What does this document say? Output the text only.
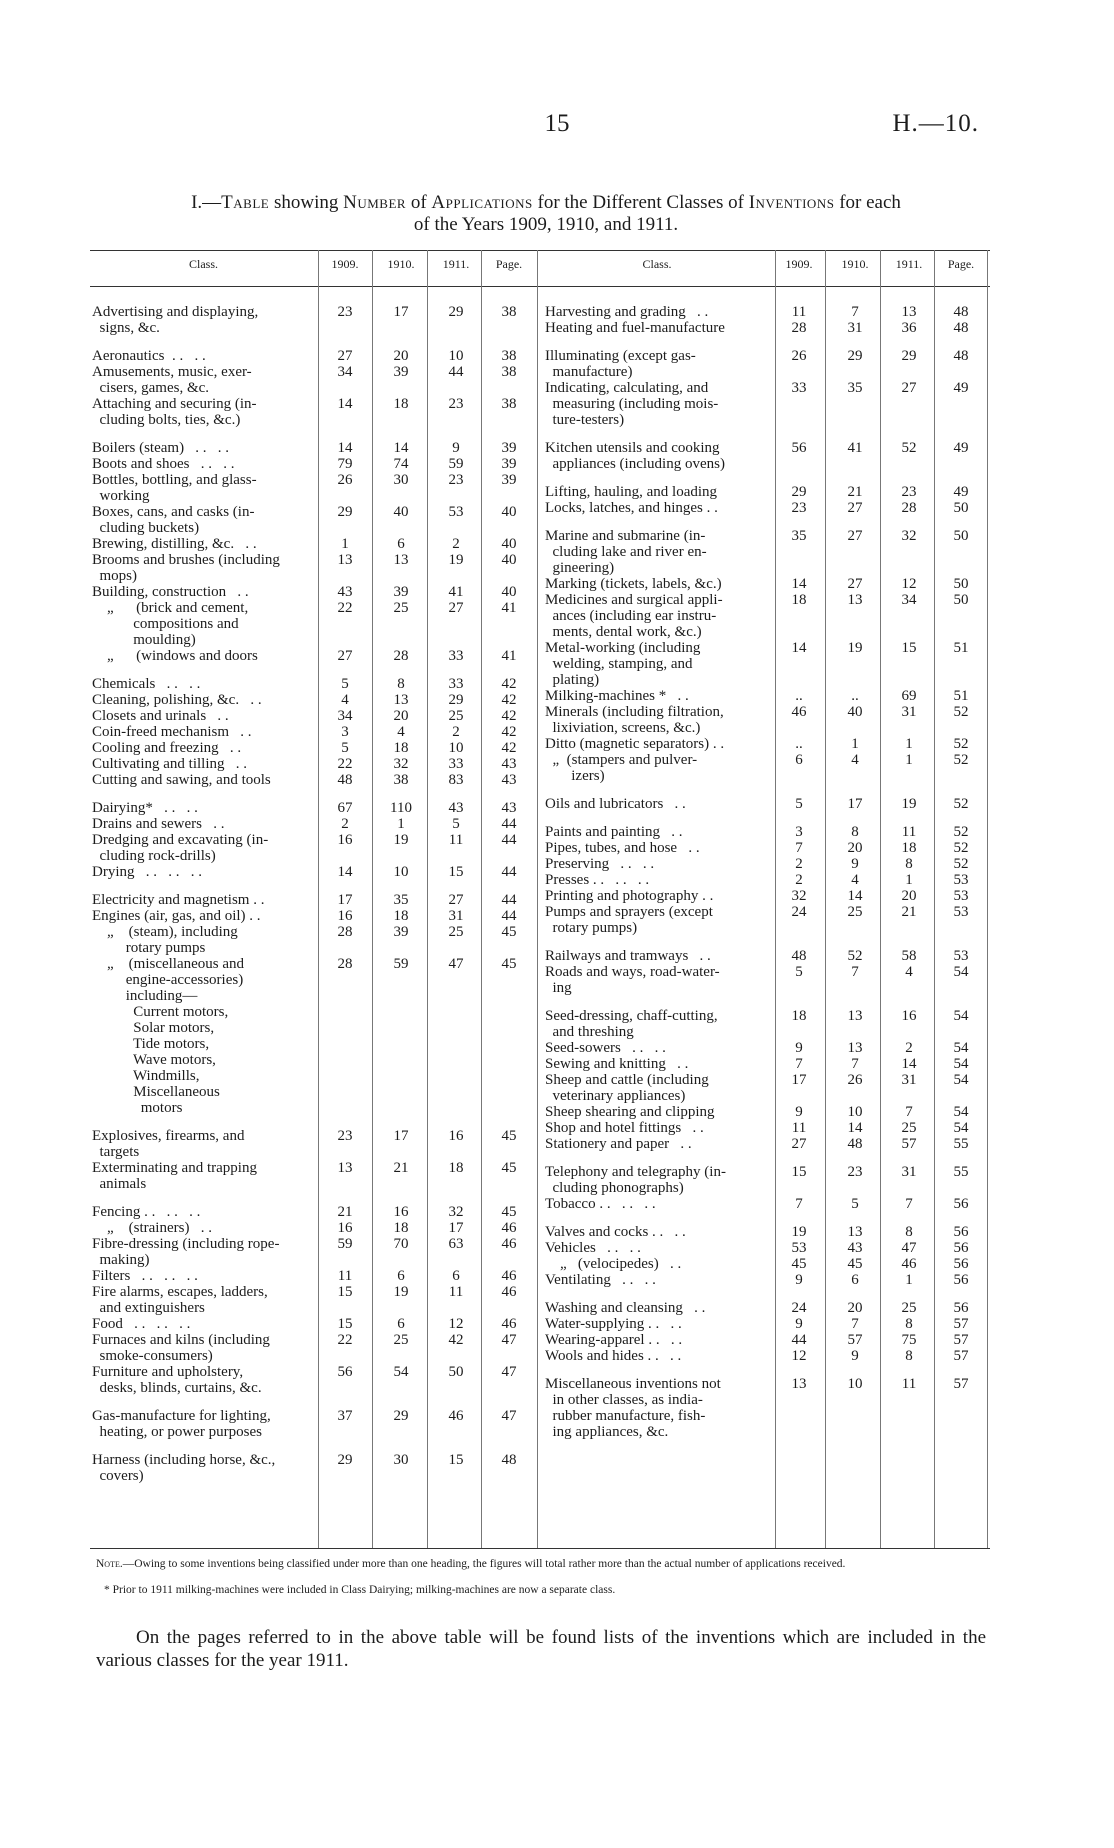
15	H.—10.
I.—Table showing Number of Applications for the Different Classes of Inventions for each
of the Years 1909, 1910, and 1911.
Class.	1909.	1910.	1911.	Page.
Advertising and displaying,
signs, &c.
23	17	29	38
Aeronautics  . .   . .	27	20	10	38
Amusements, music, exer-
cisers, games, &c.
34	39	44	38
Attaching and securing (in-
cluding bolts, ties, &c.)
14	18	23	38
Boilers (steam)   . .   . .	14	14	9	39
Boots and shoes   . .   . .	79	74	59	39
Bottles, bottling, and glass-
working
26	30	23	39
Boxes, cans, and casks (in-
cluding buckets)
29	40	53	40
Brewing, distilling, &c.   . .	1	6	2	40
Brooms and brushes (including
mops)
13	13	19	40
Building, construction   . .	43	39	41	40
„      (brick and cement,
compositions and
moulding)
22	25	27	41
„      (windows and doors	27	28	33	41
Chemicals   . .   . .	5	8	33	42
Cleaning, polishing, &c.   . .	4	13	29	42
Closets and urinals   . .	34	20	25	42
Coin-freed mechanism   . .	3	4	2	42
Cooling and freezing   . .	5	18	10	42
Cultivating and tilling   . .	22	32	33	43
Cutting and sawing, and tools	48	38	83	43
Dairying*   . .   . .	67	110	43	43
Drains and sewers   . .	2	1	5	44
Dredging and excavating (in-
cluding rock-drills)
16	19	11	44
Drying   . .   . .   . .	14	10	15	44
Electricity and magnetism . .	17	35	27	44
Engines (air, gas, and oil) . .	16	18	31	44
„    (steam), including
rotary pumps
28	39	25	45
„    (miscellaneous and
engine-accessories)
including—
Current motors,
Solar motors,
Tide motors,
Wave motors,
Windmills,
Miscellaneous
motors
28	59	47	45
Explosives, firearms, and
targets
23	17	16	45
Exterminating and trapping
animals
13	21	18	45
Fencing . .   . .   . .	21	16	32	45
„    (strainers)   . .	16	18	17	46
Fibre-dressing (including rope-
making)
59	70	63	46
Filters   . .   . .   . .	11	6	6	46
Fire alarms, escapes, ladders,
and extinguishers
15	19	11	46
Food   . .   . .   . .	15	6	12	46
Furnaces and kilns (including
smoke-consumers)
22	25	42	47
Furniture and upholstery,
desks, blinds, curtains, &c.
56	54	50	47
Gas-manufacture for lighting,
heating, or power purposes
37	29	46	47
Harness (including horse, &c.,
covers)
29	30	15	48
Class.	1909.	1910.	1911.	Page.
Harvesting and grading   . .	11	7	13	48
Heating and fuel-manufacture	28	31	36	48
Illuminating (except gas-
manufacture)
26	29	29	48
Indicating, calculating, and
measuring (including mois-
ture-testers)
33	35	27	49
Kitchen utensils and cooking
appliances (including ovens)
56	41	52	49
Lifting, hauling, and loading	29	21	23	49
Locks, latches, and hinges . .	23	27	28	50
Marine and submarine (in-
cluding lake and river en-
gineering)
35	27	32	50
Marking (tickets, labels, &c.)	14	27	12	50
Medicines and surgical appli-
ances (including ear instru-
ments, dental work, &c.)
18	13	34	50
Metal-working (including
welding, stamping, and
plating)
14	19	15	51
Milking-machines *   . .	..	..	69	51
Minerals (including filtration,
lixiviation, screens, &c.)
46	40	31	52
Ditto (magnetic separators) . .	..	1	1	52
„  (stampers and pulver-
izers)
6	4	1	52
Oils and lubricators   . .	5	17	19	52
Paints and painting   . .	3	8	11	52
Pipes, tubes, and hose   . .	7	20	18	52
Preserving   . .   . .	2	9	8	52
Presses . .   . .   . .	2	4	1	53
Printing and photography . .	32	14	20	53
Pumps and sprayers (except
rotary pumps)
24	25	21	53
Railways and tramways   . .	48	52	58	53
Roads and ways, road-water-
ing
5	7	4	54
Seed-dressing, chaff-cutting,
and threshing
18	13	16	54
Seed-sowers   . .   . .	9	13	2	54
Sewing and knitting   . .	7	7	14	54
Sheep and cattle (including
veterinary appliances)
17	26	31	54
Sheep shearing and clipping	9	10	7	54
Shop and hotel fittings   . .	11	14	25	54
Stationery and paper   . .	27	48	57	55
Telephony and telegraphy (in-
cluding phonographs)
15	23	31	55
Tobacco . .   . .   . .	7	5	7	56
Valves and cocks . .   . .	19	13	8	56
Vehicles   . .   . .	53	43	47	56
„   (velocipedes)   . .	45	45	46	56
Ventilating   . .   . .	9	6	1	56
Washing and cleansing   . .	24	20	25	56
Water-supplying . .   . .	9	7	8	57
Wearing-apparel . .   . .	44	57	75	57
Wools and hides . .   . .	12	9	8	57
Miscellaneous inventions not
in other classes, as india-
rubber manufacture, fish-
ing appliances, &c.
13	10	11	57
Note.—Owing to some inventions being classified under more than one heading, the figures will total rather more than the actual number of applications received.
* Prior to 1911 milking-machines were included in Class Dairying; milking-machines are now a separate class.
On the pages referred to in the above table will be found lists of the inventions which are included in the various classes for the year 1911.
